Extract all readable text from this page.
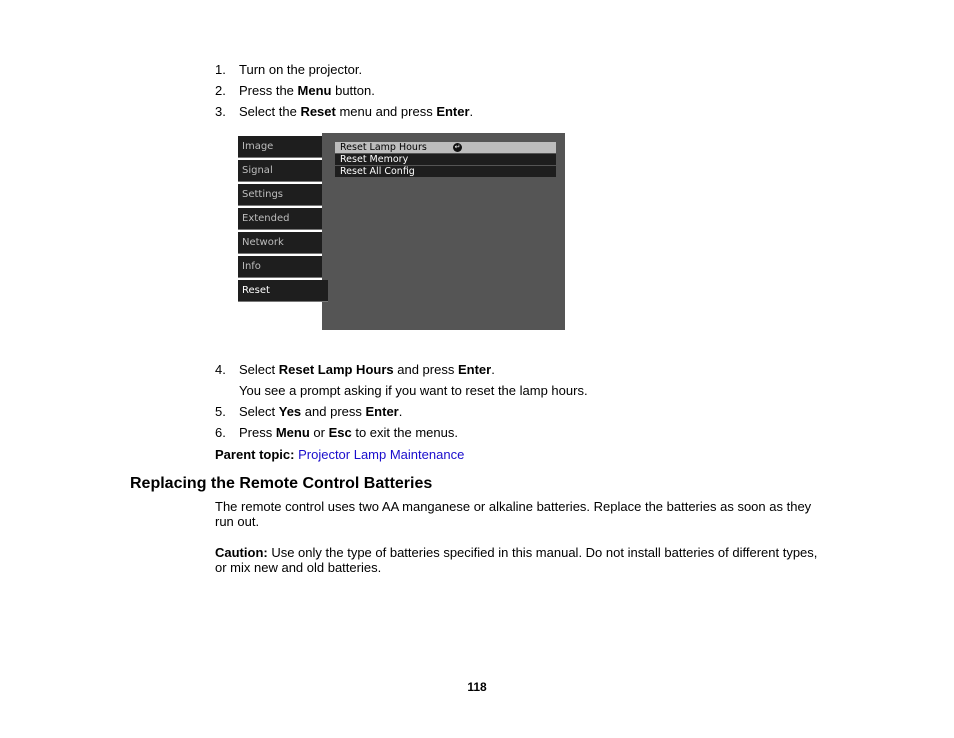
1.	Turn on the projector.
2.	Press the Menu button.
3.	Select the Reset menu and press Enter.
Image
Signal
Settings
Extended
Network
Info
Reset
Reset Lamp Hours	↵
Reset Memory
Reset All Config
4.	Select Reset Lamp Hours and press Enter.
You see a prompt asking if you want to reset the lamp hours.
5.	Select Yes and press Enter.
6.	Press Menu or Esc to exit the menus.
Parent topic: Projector Lamp Maintenance
Replacing the Remote Control Batteries
The remote control uses two AA manganese or alkaline batteries. Replace the batteries as soon as they
run out.
Caution: Use only the type of batteries specified in this manual. Do not install batteries of different types,
or mix new and old batteries.
118
